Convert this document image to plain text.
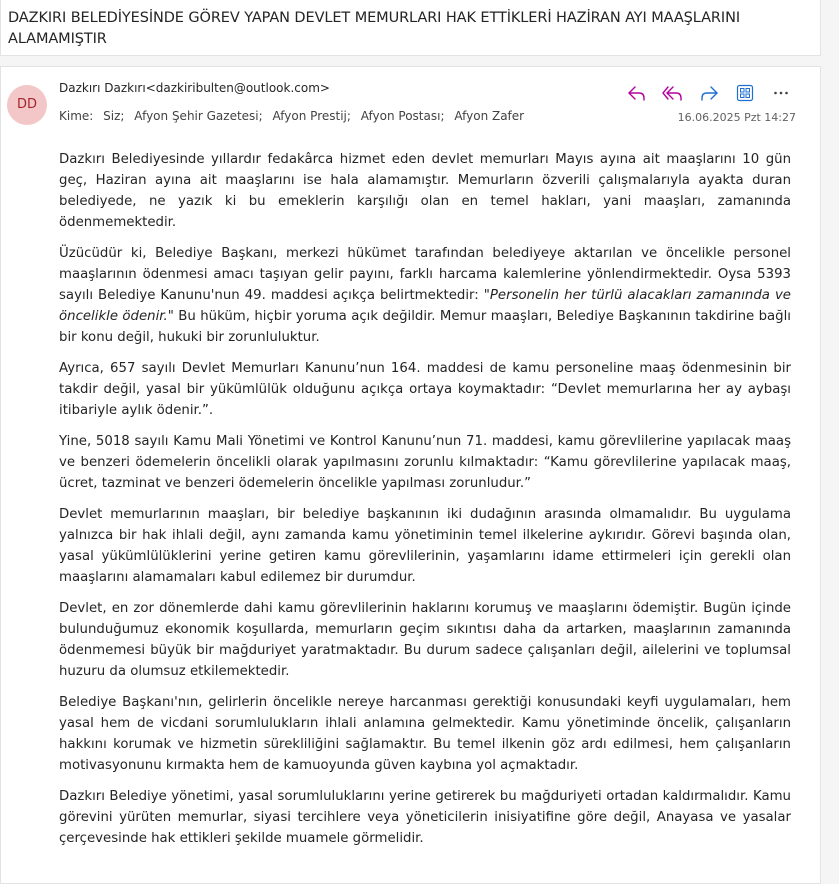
DAZKIRI BELEDİYESİNDE GÖREV YAPAN DEVLET MEMURLARI HAK ETTİKLERİ HAZİRAN AYI MAAŞLARINI ALAMAMIŞTIR
DD
Dazkırı Dazkırı<dazkiribulten@outlook.com>
Kime: Siz; Afyon Şehir Gazetesi; Afyon Prestij; Afyon Postası; Afyon Zafer	16.06.2025 Pzt 14:27

Dazkırı Belediyesinde yıllardır fedakârca hizmet eden devlet memurları Mayıs ayına ait maaşlarını 10 gün geç, Haziran ayına ait maaşlarını ise hala alamamıştır. Memurların özverili çalışmalarıyla ayakta duran belediyede, ne yazık ki bu emeklerin karşılığı olan en temel hakları, yani maaşları, zamanında ödenmemektedir.

Üzücüdür ki, Belediye Başkanı, merkezi hükümet tarafından belediyeye aktarılan ve öncelikle personel maaşlarının ödenmesi amacı taşıyan gelir payını, farklı harcama kalemlerine yönlendirmektedir. Oysa 5393 sayılı Belediye Kanunu'nun 49. maddesi açıkça belirtmektedir: "Personelin her türlü alacakları zamanında ve öncelikle ödenir." Bu hüküm, hiçbir yoruma açık değildir. Memur maaşları, Belediye Başkanının takdirine bağlı bir konu değil, hukuki bir zorunluluktur.

Ayrıca, 657 sayılı Devlet Memurları Kanunu’nun 164. maddesi de kamu personeline maaş ödenmesinin bir takdir değil, yasal bir yükümlülük olduğunu açıkça ortaya koymaktadır: “Devlet memurlarına her ay aybaşı itibariyle aylık ödenir.”.

Yine, 5018 sayılı Kamu Mali Yönetimi ve Kontrol Kanunu’nun 71. maddesi, kamu görevlilerine yapılacak maaş ve benzeri ödemelerin öncelikli olarak yapılmasını zorunlu kılmaktadır: “Kamu görevlilerine yapılacak maaş, ücret, tazminat ve benzeri ödemelerin öncelikle yapılması zorunludur.”

Devlet memurlarının maaşları, bir belediye başkanının iki dudağının arasında olmamalıdır. Bu uygulama yalnızca bir hak ihlali değil, aynı zamanda kamu yönetiminin temel ilkelerine aykırıdır. Görevi başında olan, yasal yükümlülüklerini yerine getiren kamu görevlilerinin, yaşamlarını idame ettirmeleri için gerekli olan maaşlarını alamamaları kabul edilemez bir durumdur.

Devlet, en zor dönemlerde dahi kamu görevlilerinin haklarını korumuş ve maaşlarını ödemiştir. Bugün içinde bulunduğumuz ekonomik koşullarda, memurların geçim sıkıntısı daha da artarken, maaşlarının zamanında ödenmemesi büyük bir mağduriyet yaratmaktadır. Bu durum sadece çalışanları değil, ailelerini ve toplumsal huzuru da olumsuz etkilemektedir.

Belediye Başkanı'nın, gelirlerin öncelikle nereye harcanması gerektiği konusundaki keyfi uygulamaları, hem yasal hem de vicdani sorumlulukların ihlali anlamına gelmektedir. Kamu yönetiminde öncelik, çalışanların hakkını korumak ve hizmetin sürekliliğini sağlamaktır. Bu temel ilkenin göz ardı edilmesi, hem çalışanların motivasyonunu kırmakta hem de kamuoyunda güven kaybına yol açmaktadır.

Dazkırı Belediye yönetimi, yasal sorumluluklarını yerine getirerek bu mağduriyeti ortadan kaldırmalıdır. Kamu görevini yürüten memurlar, siyasi tercihlere veya yöneticilerin inisiyatifine göre değil, Anayasa ve yasalar çerçevesinde hak ettikleri şekilde muamele görmelidir.
